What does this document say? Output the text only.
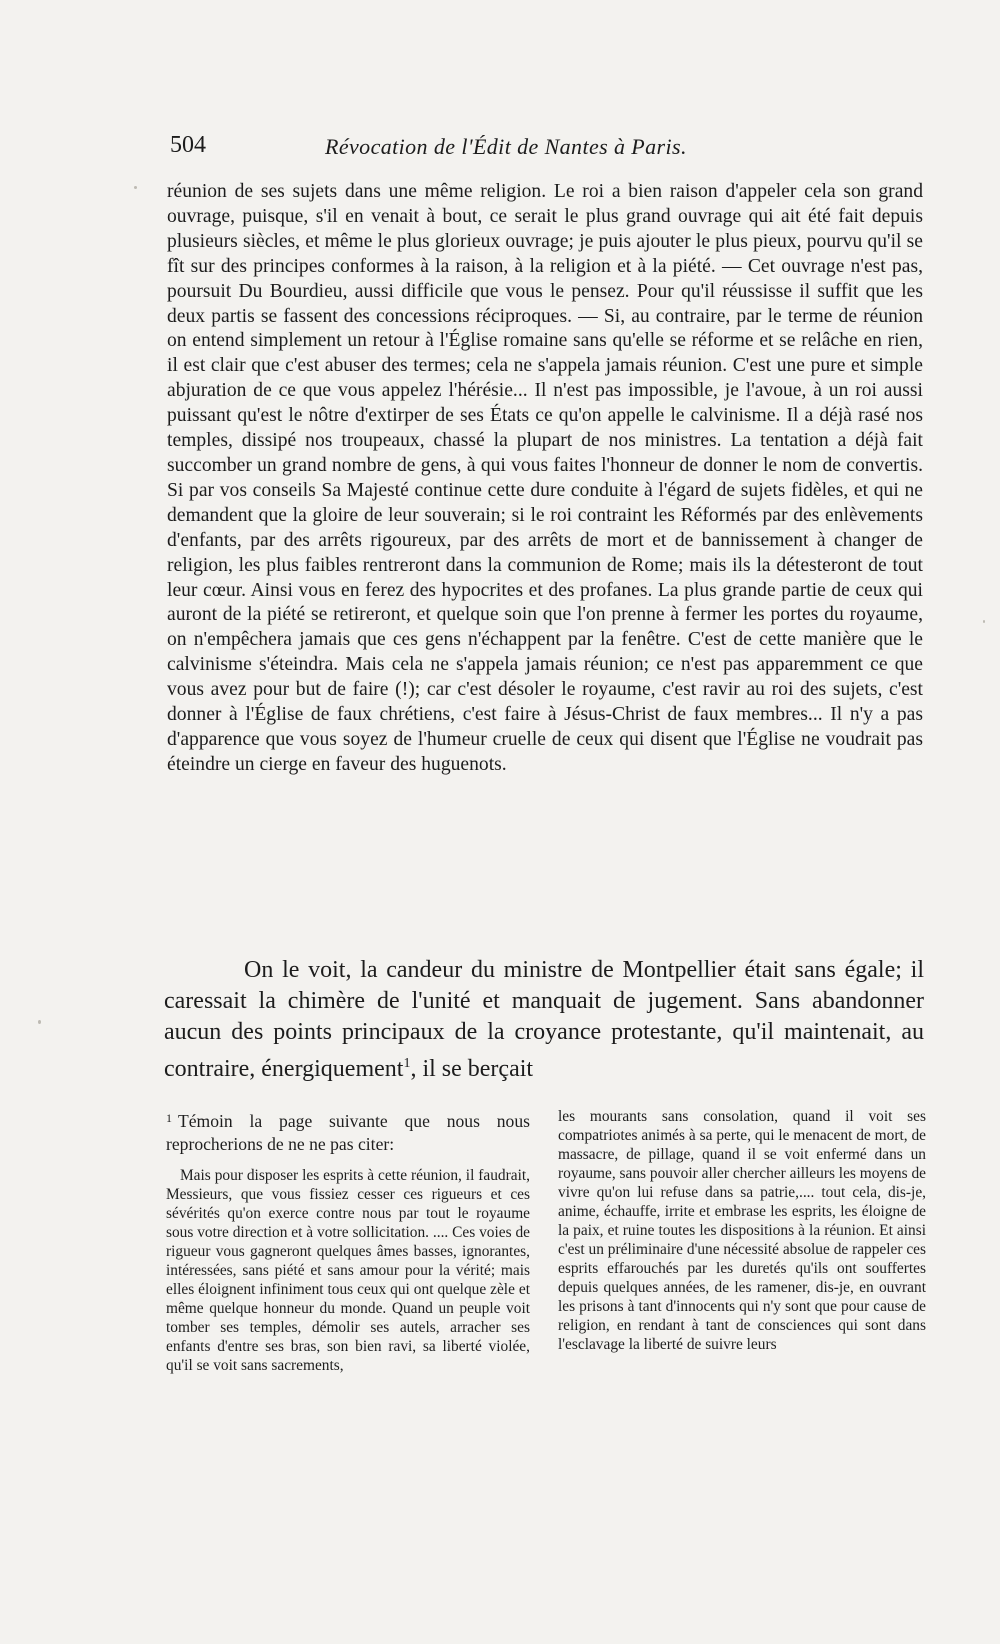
504	Révocation de l'Édit de Nantes à Paris.

réunion de ses sujets dans une même religion. Le roi a bien raison d'appeler cela son grand ouvrage, puisque, s'il en venait à bout, ce serait le plus grand ouvrage qui ait été fait depuis plusieurs siècles, et même le plus glorieux ouvrage; je puis ajouter le plus pieux, pourvu qu'il se fît sur des principes conformes à la raison, à la religion et à la piété. — Cet ouvrage n'est pas, poursuit Du Bourdieu, aussi difficile que vous le pensez. Pour qu'il réussisse il suffit que les deux partis se fassent des concessions réciproques. — Si, au contraire, par le terme de réunion on entend simplement un retour à l'Église romaine sans qu'elle se réforme et se relâche en rien, il est clair que c'est abuser des termes; cela ne s'appela jamais réunion. C'est une pure et simple abjuration de ce que vous appelez l'hérésie... Il n'est pas impossible, je l'avoue, à un roi aussi puissant qu'est le nôtre d'extirper de ses États ce qu'on appelle le calvinisme. Il a déjà rasé nos temples, dissipé nos troupeaux, chassé la plupart de nos ministres. La tentation a déjà fait succomber un grand nombre de gens, à qui vous faites l'honneur de donner le nom de convertis. Si par vos conseils Sa Majesté continue cette dure conduite à l'égard de sujets fidèles, et qui ne demandent que la gloire de leur souverain; si le roi contraint les Réformés par des enlèvements d'enfants, par des arrêts rigoureux, par des arrêts de mort et de bannissement à changer de religion, les plus faibles rentreront dans la communion de Rome; mais ils la détesteront de tout leur cœur. Ainsi vous en ferez des hypocrites et des profanes. La plus grande partie de ceux qui auront de la piété se retireront, et quelque soin que l'on prenne à fermer les portes du royaume, on n'empêchera jamais que ces gens n'échappent par la fenêtre. C'est de cette manière que le calvinisme s'éteindra. Mais cela ne s'appela jamais réunion; ce n'est pas apparemment ce que vous avez pour but de faire (!); car c'est désoler le royaume, c'est ravir au roi des sujets, c'est donner à l'Église de faux chrétiens, c'est faire à Jésus-Christ de faux membres... Il n'y a pas d'apparence que vous soyez de l'humeur cruelle de ceux qui disent que l'Église ne voudrait pas éteindre un cierge en faveur des huguenots.

On le voit, la candeur du ministre de Montpellier était sans égale; il caressait la chimère de l'unité et manquait de jugement. Sans abandonner aucun des points principaux de la croyance protestante, qu'il maintenait, au contraire, énergiquement$^1$, il se berçait

$^1$ Témoin la page suivante que nous nous reprocherions de ne ne pas citer:

Mais pour disposer les esprits à cette réunion, il faudrait, Messieurs, que vous fissiez cesser ces rigueurs et ces sévérités qu'on exerce contre nous par tout le royaume sous votre direction et à votre sollicitation. .... Ces voies de rigueur vous gagneront quelques âmes basses, ignorantes, intéressées, sans piété et sans amour pour la vérité; mais elles éloignent infiniment tous ceux qui ont quelque zèle et même quelque honneur du monde. Quand un peuple voit tomber ses temples, démolir ses autels, arracher ses enfants d'entre ses bras, son bien ravi, sa liberté violée, qu'il se voit sans sacrements,

les mourants sans consolation, quand il voit ses compatriotes animés à sa perte, qui le menacent de mort, de massacre, de pillage, quand il se voit enfermé dans un royaume, sans pouvoir aller chercher ailleurs les moyens de vivre qu'on lui refuse dans sa patrie,.... tout cela, dis-je, anime, échauffe, irrite et embrase les esprits, les éloigne de la paix, et ruine toutes les dispositions à la réunion. Et ainsi c'est un préliminaire d'une nécessité absolue de rappeler ces esprits effarouchés par les duretés qu'ils ont souffertes depuis quelques années, de les ramener, dis-je, en ouvrant les prisons à tant d'innocents qui n'y sont que pour cause de religion, en rendant à tant de consciences qui sont dans l'esclavage la liberté de suivre leurs
